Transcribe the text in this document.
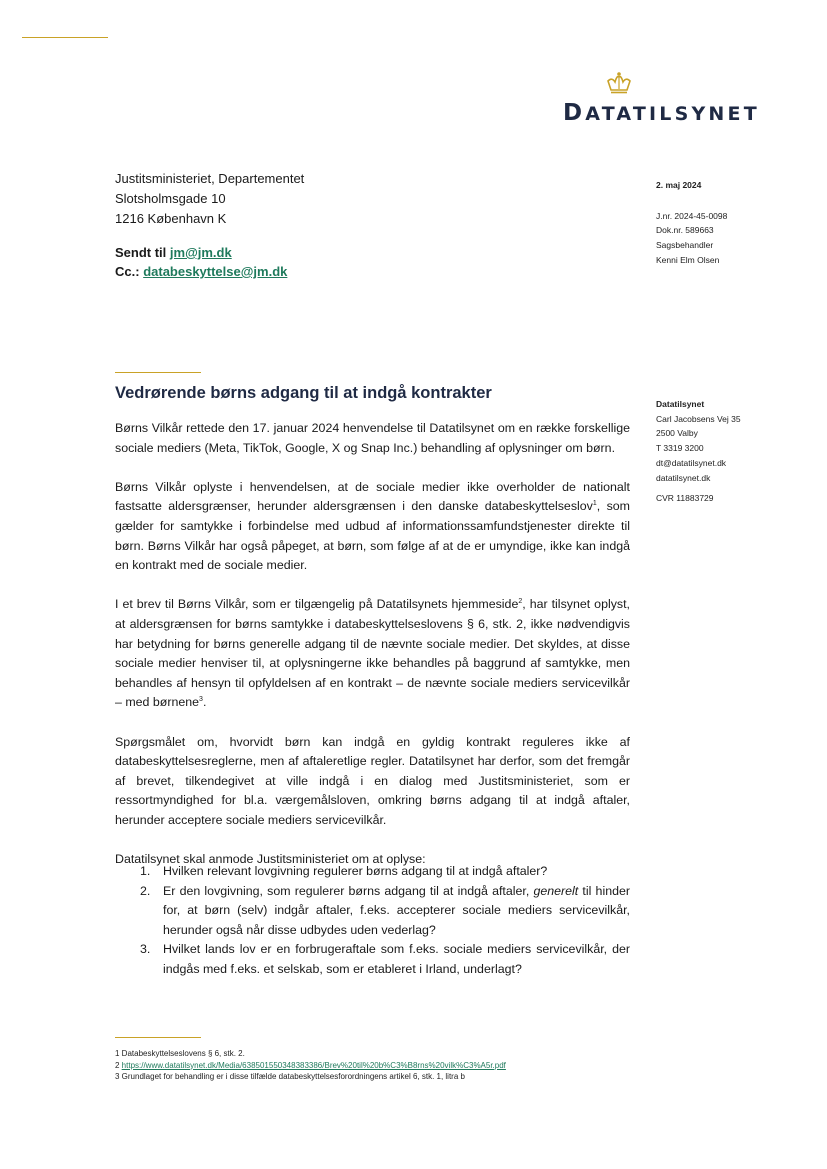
DATATILSYNET
Justitsministeriet, Departementet
Slotsholmsgade 10
1216 København K
Sendt til jm@jm.dk
Cc.: databeskyttelse@jm.dk
2. maj 2024
J.nr. 2024-45-0098
Dok.nr. 589663
Sagsbehandler
Kenni Elm Olsen
Datatilsynet
Carl Jacobsens Vej 35
2500 Valby
T 3319 3200
dt@datatilsynet.dk
datatilsynet.dk
CVR 11883729
Vedrørende børns adgang til at indgå kontrakter

Børns Vilkår rettede den 17. januar 2024 henvendelse til Datatilsynet om en række forskellige sociale mediers (Meta, TikTok, Google, X og Snap Inc.) behandling af oplysninger om børn.

Børns Vilkår oplyste i henvendelsen, at de sociale medier ikke overholder de nationalt fastsatte aldersgrænser, herunder aldersgrænsen i den danske databeskyttelseslov$^1$, som gælder for samtykke i forbindelse med udbud af informationssamfundstjenester direkte til børn. Børns Vilkår har også påpeget, at børn, som følge af at de er umyndige, ikke kan indgå en kontrakt med de sociale medier.

I et brev til Børns Vilkår, som er tilgængelig på Datatilsynets hjemmeside$^2$, har tilsynet oplyst, at aldersgrænsen for børns samtykke i databeskyttelseslovens § 6, stk. 2, ikke nødvendigvis har betydning for børns generelle adgang til de nævnte sociale medier. Det skyldes, at disse sociale medier henviser til, at oplysningerne ikke behandles på baggrund af samtykke, men behandles af hensyn til opfyldelsen af en kontrakt – de nævnte sociale mediers servicevilkår – med børnene$^3$.

Spørgsmålet om, hvorvidt børn kan indgå en gyldig kontrakt reguleres ikke af databeskyttelsesreglerne, men af aftaleretlige regler. Datatilsynet har derfor, som det fremgår af brevet, tilkendegivet at ville indgå i en dialog med Justitsministeriet, som er ressortmyndighed for bl.a. værgemålsloven, omkring børns adgang til at indgå aftaler, herunder acceptere sociale mediers servicevilkår.

Datatilsynet skal anmode Justitsministeriet om at oplyse:

1. Hvilken relevant lovgivning regulerer børns adgang til at indgå aftaler?
2. Er den lovgivning, som regulerer børns adgang til at indgå aftaler, generelt til hinder for, at børn (selv) indgår aftaler, f.eks. accepterer sociale mediers servicevilkår, herunder også når disse udbydes uden vederlag?
3. Hvilket lands lov er en forbrugeraftale som f.eks. sociale mediers servicevilkår, der indgås med f.eks. et selskab, som er etableret i Irland, underlagt?
1 Databeskyttelseslovens § 6, stk. 2.
2 https://www.datatilsynet.dk/Media/638501550348383386/Brev%20til%20b%C3%B8rns%20vilk%C3%A5r.pdf
3 Grundlaget for behandling er i disse tilfælde databeskyttelsesforordningens artikel 6, stk. 1, litra b
